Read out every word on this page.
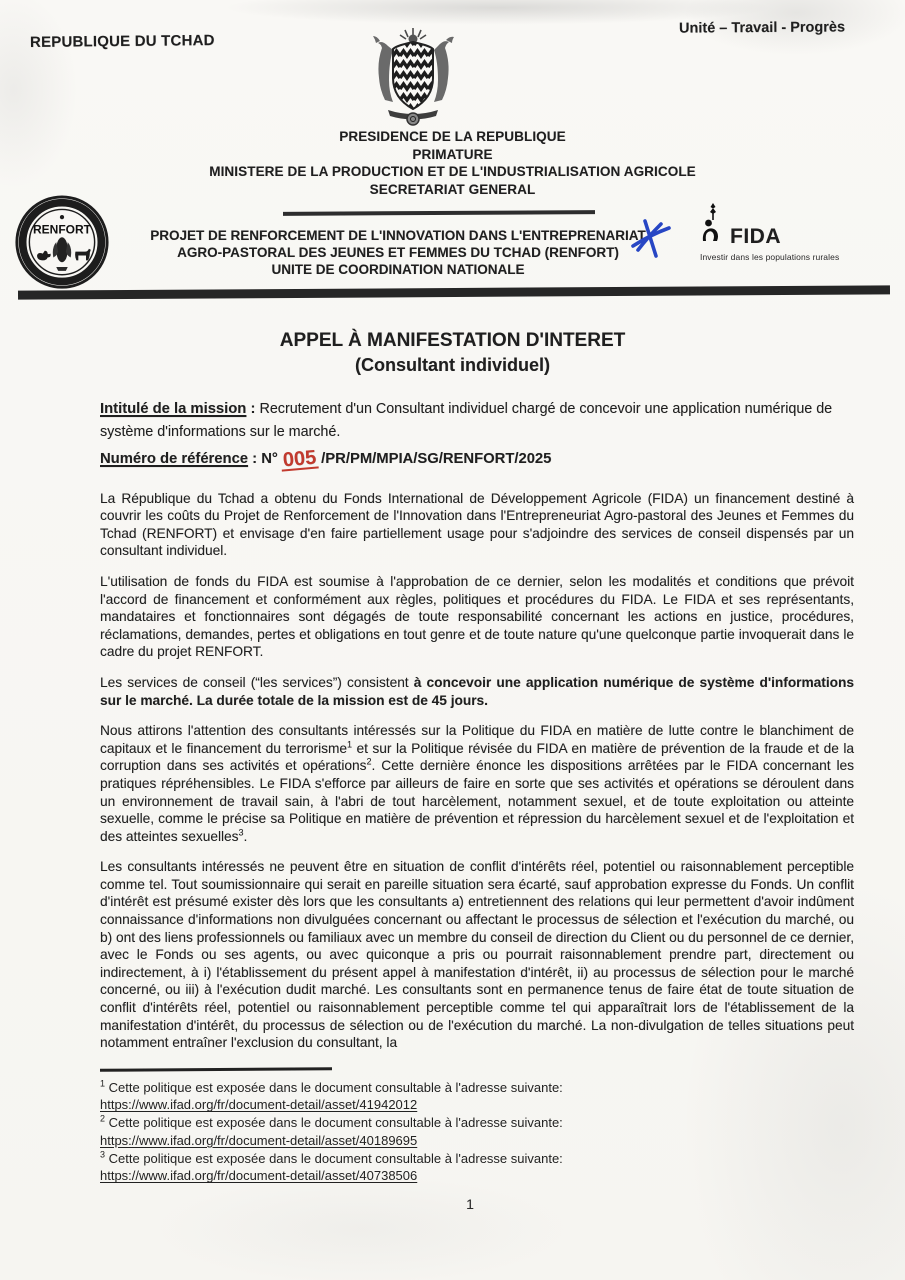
REPUBLIQUE DU TCHAD
Unité – Travail - Progrès
PRESIDENCE DE LA REPUBLIQUE
PRIMATURE
MINISTERE DE LA PRODUCTION ET DE L'INDUSTRIALISATION AGRICOLE
SECRETARIAT GENERAL
RENFORT	PROJET DE RENFORCEMENT DE L'INNOVATION DANS L'ENTREPRENARIAT
AGRO-PASTORAL DES JEUNES ET FEMMES DU TCHAD (RENFORT)
UNITE DE COORDINATION NATIONALE
FIDA
Investir dans les populations rurales
APPEL À MANIFESTATION D'INTERET
(Consultant individuel)
Intitulé de la mission : Recrutement d'un Consultant individuel chargé de concevoir une application numérique de système d'informations sur le marché.
Numéro de référence : N° 005 /PR/PM/MPIA/SG/RENFORT/2025

La République du Tchad a obtenu du Fonds International de Développement Agricole (FIDA) un financement destiné à couvrir les coûts du Projet de Renforcement de l'Innovation dans l'Entrepreneuriat Agro-pastoral des Jeunes et Femmes du Tchad (RENFORT) et envisage d'en faire partiellement usage pour s'adjoindre des services de conseil dispensés par un consultant individuel.

L'utilisation de fonds du FIDA est soumise à l'approbation de ce dernier, selon les modalités et conditions que prévoit l'accord de financement et conformément aux règles, politiques et procédures du FIDA. Le FIDA et ses représentants, mandataires et fonctionnaires sont dégagés de toute responsabilité concernant les actions en justice, procédures, réclamations, demandes, pertes et obligations en tout genre et de toute nature qu'une quelconque partie invoquerait dans le cadre du projet RENFORT.

Les services de conseil (“les services”) consistent à concevoir une application numérique de système d'informations sur le marché. La durée totale de la mission est de 45 jours.

Nous attirons l'attention des consultants intéressés sur la Politique du FIDA en matière de lutte contre le blanchiment de capitaux et le financement du terrorisme$^1$ et sur la Politique révisée du FIDA en matière de prévention de la fraude et de la corruption dans ses activités et opérations$^2$. Cette dernière énonce les dispositions arrêtées par le FIDA concernant les pratiques répréhensibles. Le FIDA s'efforce par ailleurs de faire en sorte que ses activités et opérations se déroulent dans un environnement de travail sain, à l'abri de tout harcèlement, notamment sexuel, et de toute exploitation ou atteinte sexuelle, comme le précise sa Politique en matière de prévention et répression du harcèlement sexuel et de l'exploitation et des atteintes sexuelles$^3$.

Les consultants intéressés ne peuvent être en situation de conflit d'intérêts réel, potentiel ou raisonnablement perceptible comme tel. Tout soumissionnaire qui serait en pareille situation sera écarté, sauf approbation expresse du Fonds. Un conflit d'intérêt est présumé exister dès lors que les consultants a) entretiennent des relations qui leur permettent d'avoir indûment connaissance d'informations non divulguées concernant ou affectant le processus de sélection et l'exécution du marché, ou b) ont des liens professionnels ou familiaux avec un membre du conseil de direction du Client ou du personnel de ce dernier, avec le Fonds ou ses agents, ou avec quiconque a pris ou pourrait raisonnablement prendre part, directement ou indirectement, à i) l'établissement du présent appel à manifestation d'intérêt, ii) au processus de sélection pour le marché concerné, ou iii) à l'exécution dudit marché. Les consultants sont en permanence tenus de faire état de toute situation de conflit d'intérêts réel, potentiel ou raisonnablement perceptible comme tel qui apparaîtrait lors de l'établissement de la manifestation d'intérêt, du processus de sélection ou de l'exécution du marché. La non-divulgation de telles situations peut notamment entraîner l'exclusion du consultant, la

$^1$ Cette politique est exposée dans le document consultable à l'adresse suivante:
https://www.ifad.org/fr/document-detail/asset/41942012
$^2$ Cette politique est exposée dans le document consultable à l'adresse suivante:
https://www.ifad.org/fr/document-detail/asset/40189695
$^3$ Cette politique est exposée dans le document consultable à l'adresse suivante:
https://www.ifad.org/fr/document-detail/asset/40738506
1
